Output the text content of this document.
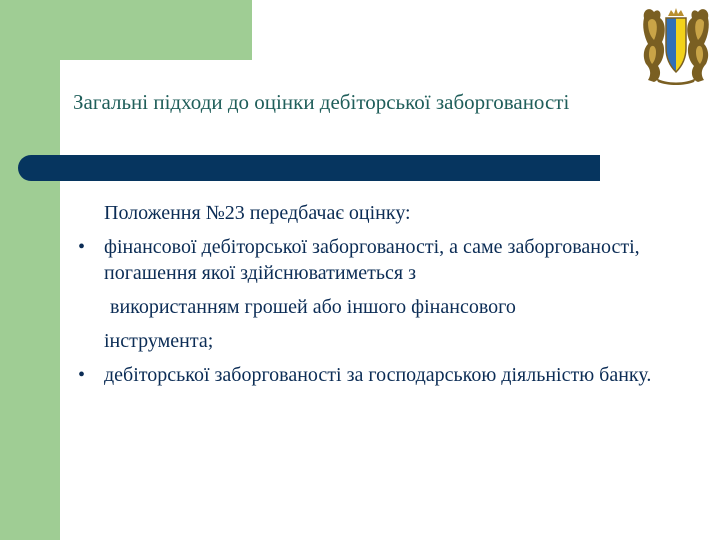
Загальні підходи до оцінки дебіторської заборгованості

Положення №23 передбачає оцінку:

• фінансової дебіторської заборгованості, а саме заборгованості, погашення якої здійснюватиметься з

використанням грошей або іншого фінансового

інструмента;

• дебіторської заборгованості за господарською діяльністю банку.
